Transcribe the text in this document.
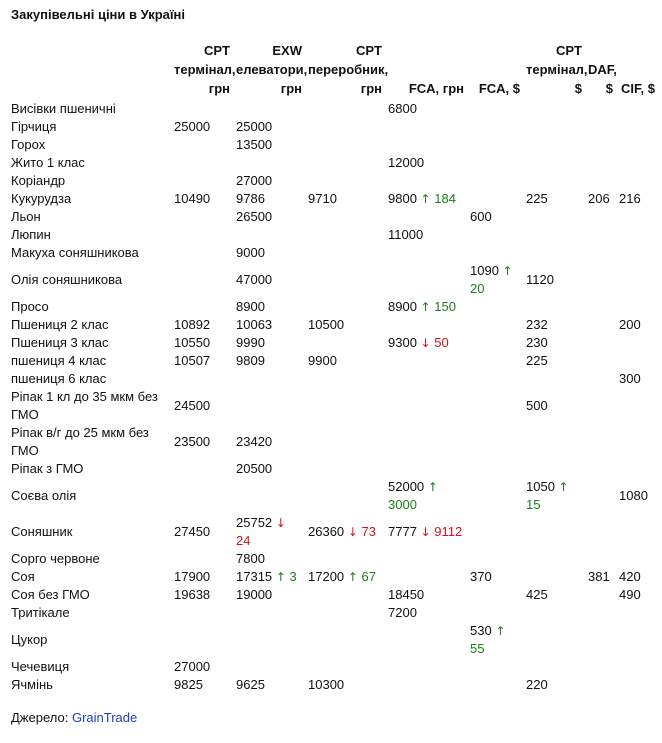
Закупівельні ціни в Україні
	CPT термінал, грн	EXW елеватори, грн	CPT переробник, грн	FCA, грн	FCA, $	CPT термінал, $	DAF, $	CIF, $
Висівки пшеничні				6800				
Гірчиця	25000	25000						
Горох		13500						
Жито 1 клас				12000				
Коріандр		27000						
Кукурудза	10490	9786	9710	9800 ↑ 184		225	206	216
Льон		26500			600			
Люпин				11000				
Макуха соняшникова		9000						
Олія соняшникова		47000			1090 ↑ 20	1120		
Просо		8900		8900 ↑ 150				
Пшениця 2 клас	10892	10063	10500			232		200
Пшениця 3 клас	10550	9990		9300 ↓ 50		230		
пшениця 4 клас	10507	9809	9900			225		
пшениця 6 клас								300
Ріпак 1 кл до 35 мкм без ГМО	24500					500		
Ріпак в/г до 25 мкм без ГМО	23500	23420						
Ріпак з ГМО		20500						
Соєва олія				52000 ↑ 3000		1050 ↑ 15		1080
Соняшник	27450	25752 ↓ 24	26360 ↓ 73	7777 ↓ 9112				
Сорго червоне		7800						
Соя	17900	17315 ↑ 3	17200 ↑ 67		370		381	420
Соя без ГМО	19638	19000		18450		425		490
Тритікале				7200				
Цукор					530 ↑ 55			
Чечевиця	27000							
Ячмінь	9825	9625	10300			220		
Джерело: GrainTrade
